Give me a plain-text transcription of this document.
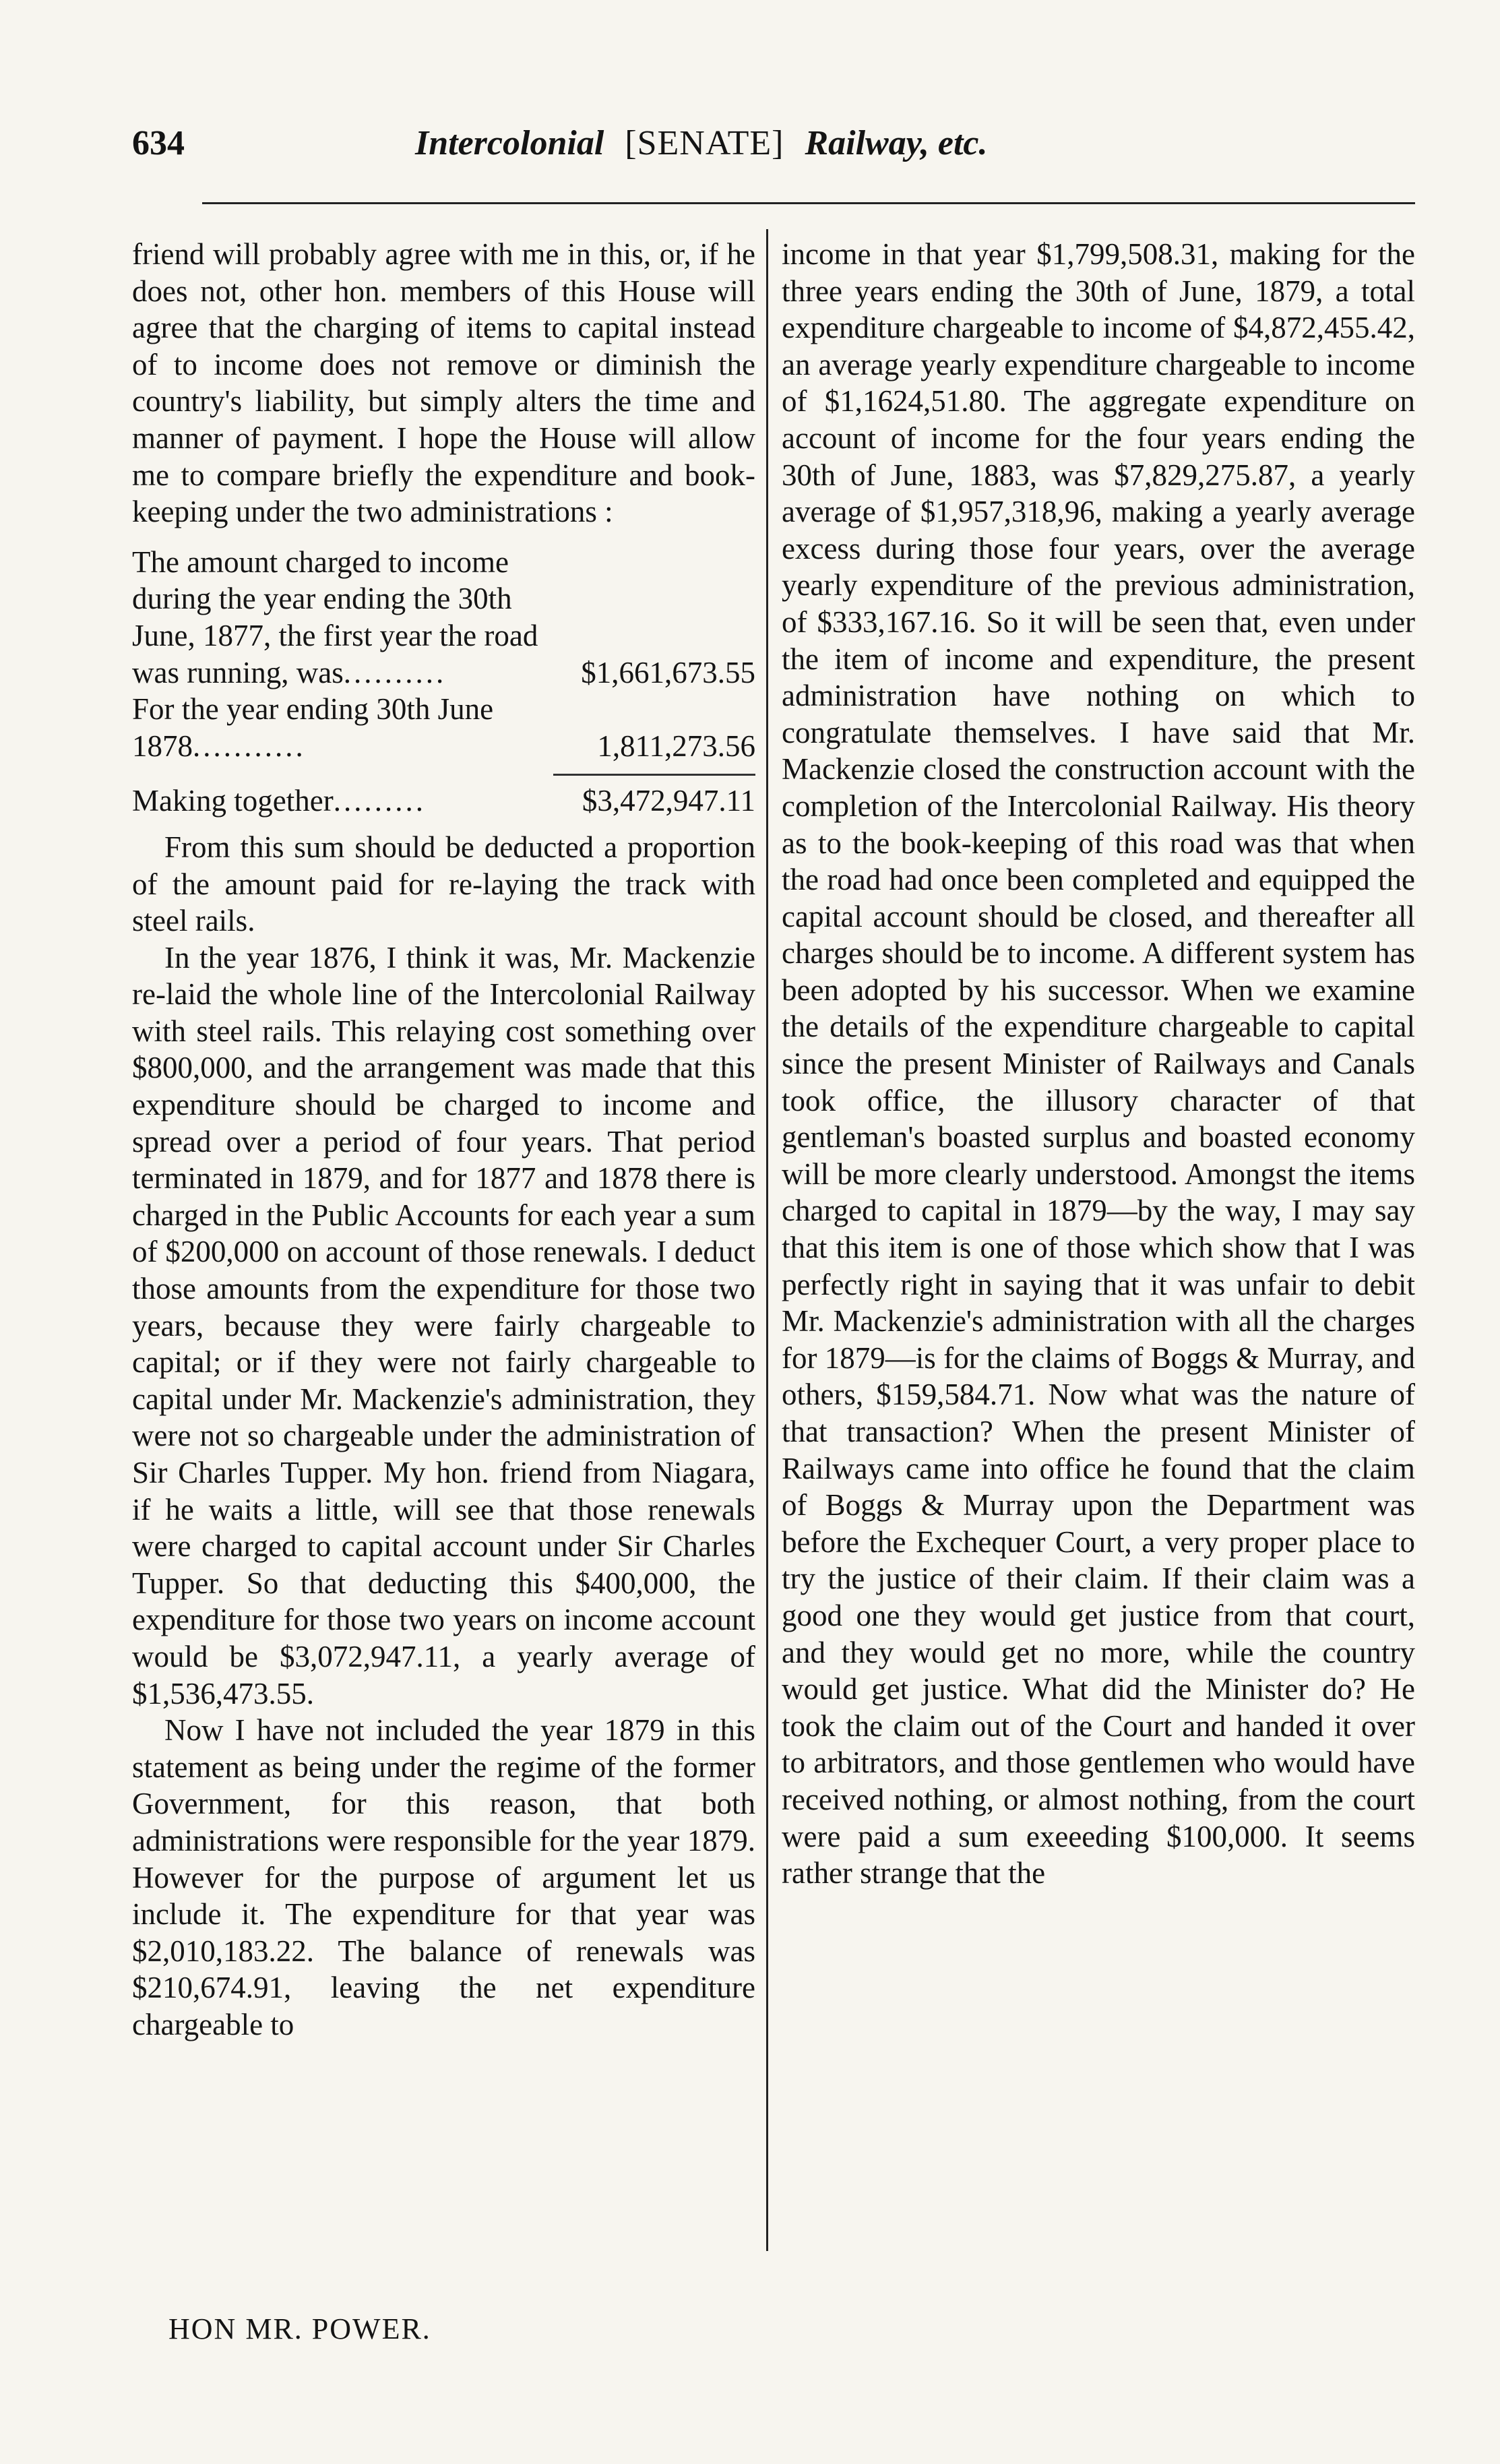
634	Intercolonial [SENATE] Railway, etc.

friend will probably agree with me in this, or, if he does not, other hon. members of this House will agree that the charging of items to capital instead of to income does not remove or diminish the country's liability, but simply alters the time and manner of payment. I hope the House will allow me to compare briefly the expenditure and book-keeping under the two administrations :

The amount charged to income during the year ending the 30th June, 1877, the first year the road was running, was..........	$1,661,673.55
For the year ending 30th June 1878...........	1,811,273.56
Making together.........	$3,472,947.11

From this sum should be deducted a proportion of the amount paid for re-laying the track with steel rails.

In the year 1876, I think it was, Mr. Mackenzie re-laid the whole line of the Intercolonial Railway with steel rails. This relaying cost something over $800,000, and the arrangement was made that this expenditure should be charged to income and spread over a period of four years. That period terminated in 1879, and for 1877 and 1878 there is charged in the Public Accounts for each year a sum of $200,000 on account of those renewals. I deduct those amounts from the expenditure for those two years, because they were fairly chargeable to capital; or if they were not fairly chargeable to capital under Mr. Mackenzie's administration, they were not so chargeable under the administration of Sir Charles Tupper. My hon. friend from Niagara, if he waits a little, will see that those renewals were charged to capital account under Sir Charles Tupper. So that deducting this $400,000, the expenditure for those two years on income account would be $3,072,947.11, a yearly average of $1,536,473.55.

Now I have not included the year 1879 in this statement as being under the regime of the former Government, for this reason, that both administrations were responsible for the year 1879. However for the purpose of argument let us include it. The expenditure for that year was $2,010,183.22. The balance of renewals was $210,674.91, leaving the net expenditure chargeable to

income in that year $1,799,508.31, making for the three years ending the 30th of June, 1879, a total expenditure chargeable to income of $4,872,455.42, an average yearly expenditure chargeable to income of $1,1624,51.80. The aggregate expenditure on account of income for the four years ending the 30th of June, 1883, was $7,829,275.87, a yearly average of $1,957,318,96, making a yearly average excess during those four years, over the average yearly expenditure of the previous administration, of $333,167.16. So it will be seen that, even under the item of income and expenditure, the present administration have nothing on which to congratulate themselves. I have said that Mr. Mackenzie closed the construction account with the completion of the Intercolonial Railway. His theory as to the book-keeping of this road was that when the road had once been completed and equipped the capital account should be closed, and thereafter all charges should be to income. A different system has been adopted by his successor. When we examine the details of the expenditure chargeable to capital since the present Minister of Railways and Canals took office, the illusory character of that gentleman's boasted surplus and boasted economy will be more clearly understood. Amongst the items charged to capital in 1879—by the way, I may say that this item is one of those which show that I was perfectly right in saying that it was unfair to debit Mr. Mackenzie's administration with all the charges for 1879—is for the claims of Boggs & Murray, and others, $159,584.71. Now what was the nature of that transaction? When the present Minister of Railways came into office he found that the claim of Boggs & Murray upon the Department was before the Exchequer Court, a very proper place to try the justice of their claim. If their claim was a good one they would get justice from that court, and they would get no more, while the country would get justice. What did the Minister do? He took the claim out of the Court and handed it over to arbitrators, and those gentlemen who would have received nothing, or almost nothing, from the court were paid a sum exeeeding $100,000. It seems rather strange that the

HON MR. POWER.
